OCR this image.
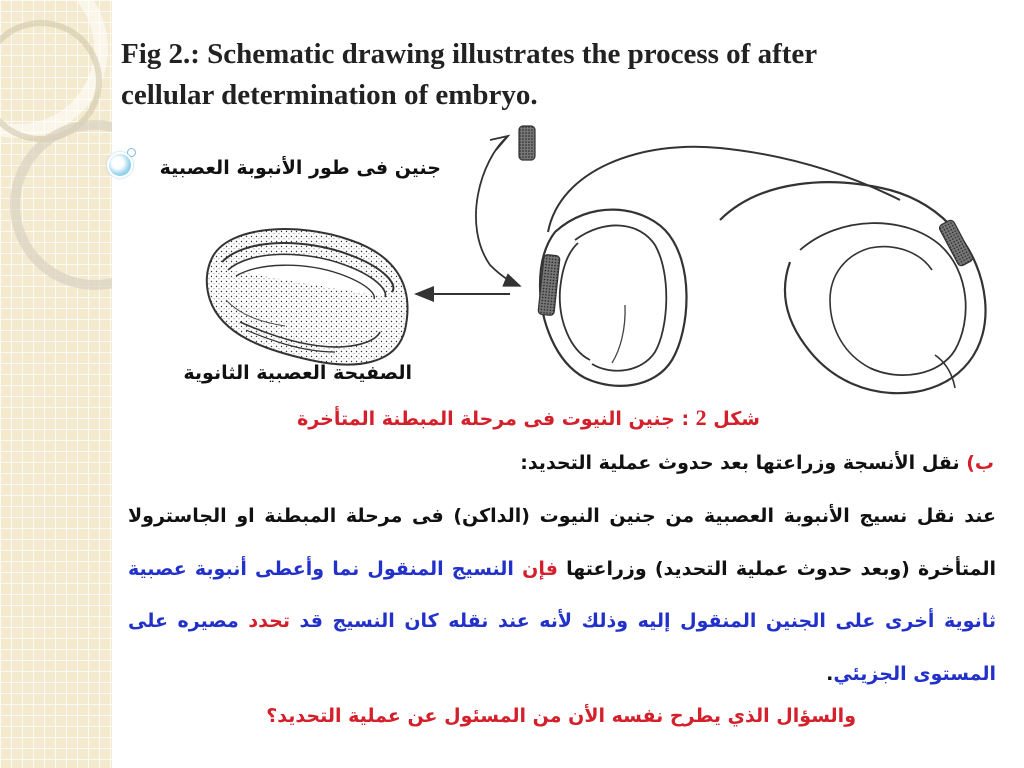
Fig 2.: Schematic drawing illustrates the process of after cellular determination of embryo.
جنين فى طور الأنبوبة العصبية
الصفيحة العصبية الثانوية
شكل 2 : جنين النيوت فى مرحلة المبطنة المتأخرة
ب) نقل الأنسجة وزراعتها بعد حدوث عملية التحديد:

عند نقل نسيج الأنبوبة العصبية من جنين النيوت (الداكن) فى مرحلة المبطنة او الجاسترولا المتأخرة (وبعد حدوث عملية التحديد) وزراعتها فإن النسيج المنقول نما وأعطى أنبوبة عصبية ثانوية أخرى على الجنين المنقول إليه وذلك لأنه عند نقله كان النسيج قد تحدد مصيره على المستوى الجزيئي.

والسؤال الذي يطرح نفسه الأن من المسئول عن عملية التحديد؟
